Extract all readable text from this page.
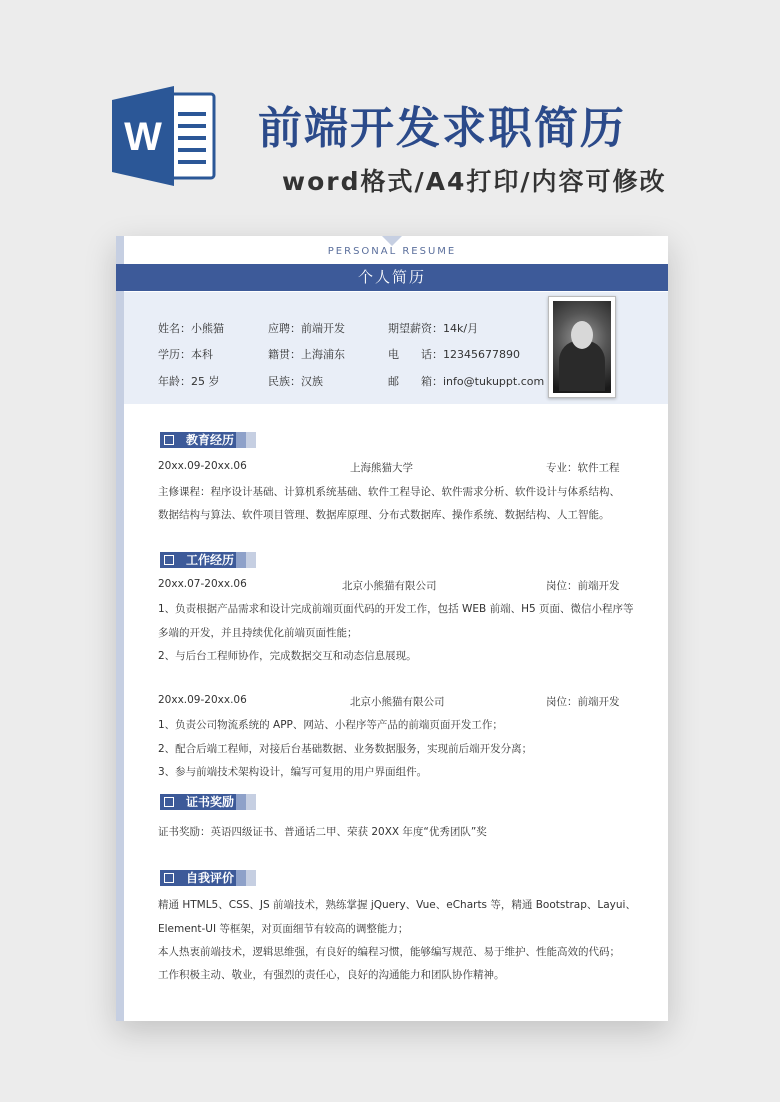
W 前端开发求职简历
word格式/A4打印/内容可修改
PERSONAL RESUME
个人简历
姓名：小熊猫	应聘：前端开发	期望薪资：14k/月
学历：本科	籍贯：上海浦东	电　　话：12345677890
年龄：25 岁	民族：汉族	邮　　箱：info@tukuppt.com
教育经历
20xx.09-20xx.06	上海熊猫大学	专业：软件工程
主修课程：程序设计基础、计算机系统基础、软件工程导论、软件需求分析、软件设计与体系结构、
数据结构与算法、软件项目管理、数据库原理、分布式数据库、操作系统、数据结构、人工智能。
工作经历
20xx.07-20xx.06	北京小熊猫有限公司	岗位：前端开发
1、负责根据产品需求和设计完成前端页面代码的开发工作，包括 WEB 前端、H5 页面、微信小程序等
多端的开发，并且持续优化前端页面性能；
2、与后台工程师协作，完成数据交互和动态信息展现。
20xx.09-20xx.06	北京小熊猫有限公司	岗位：前端开发
1、负责公司物流系统的 APP、网站、小程序等产品的前端页面开发工作；
2、配合后端工程师，对接后台基础数据、业务数据服务，实现前后端开发分离；
3、参与前端技术架构设计，编写可复用的用户界面组件。
证书奖励
证书奖励：英语四级证书、普通话二甲、荣获 20XX 年度“优秀团队”奖
自我评价
精通 HTML5、CSS、JS 前端技术，熟练掌握 jQuery、Vue、eCharts 等，精通 Bootstrap、Layui、
Element-UI 等框架，对页面细节有较高的调整能力；
本人热衷前端技术，逻辑思维强，有良好的编程习惯，能够编写规范、易于维护、性能高效的代码；
工作积极主动、敬业，有强烈的责任心，良好的沟通能力和团队协作精神。
